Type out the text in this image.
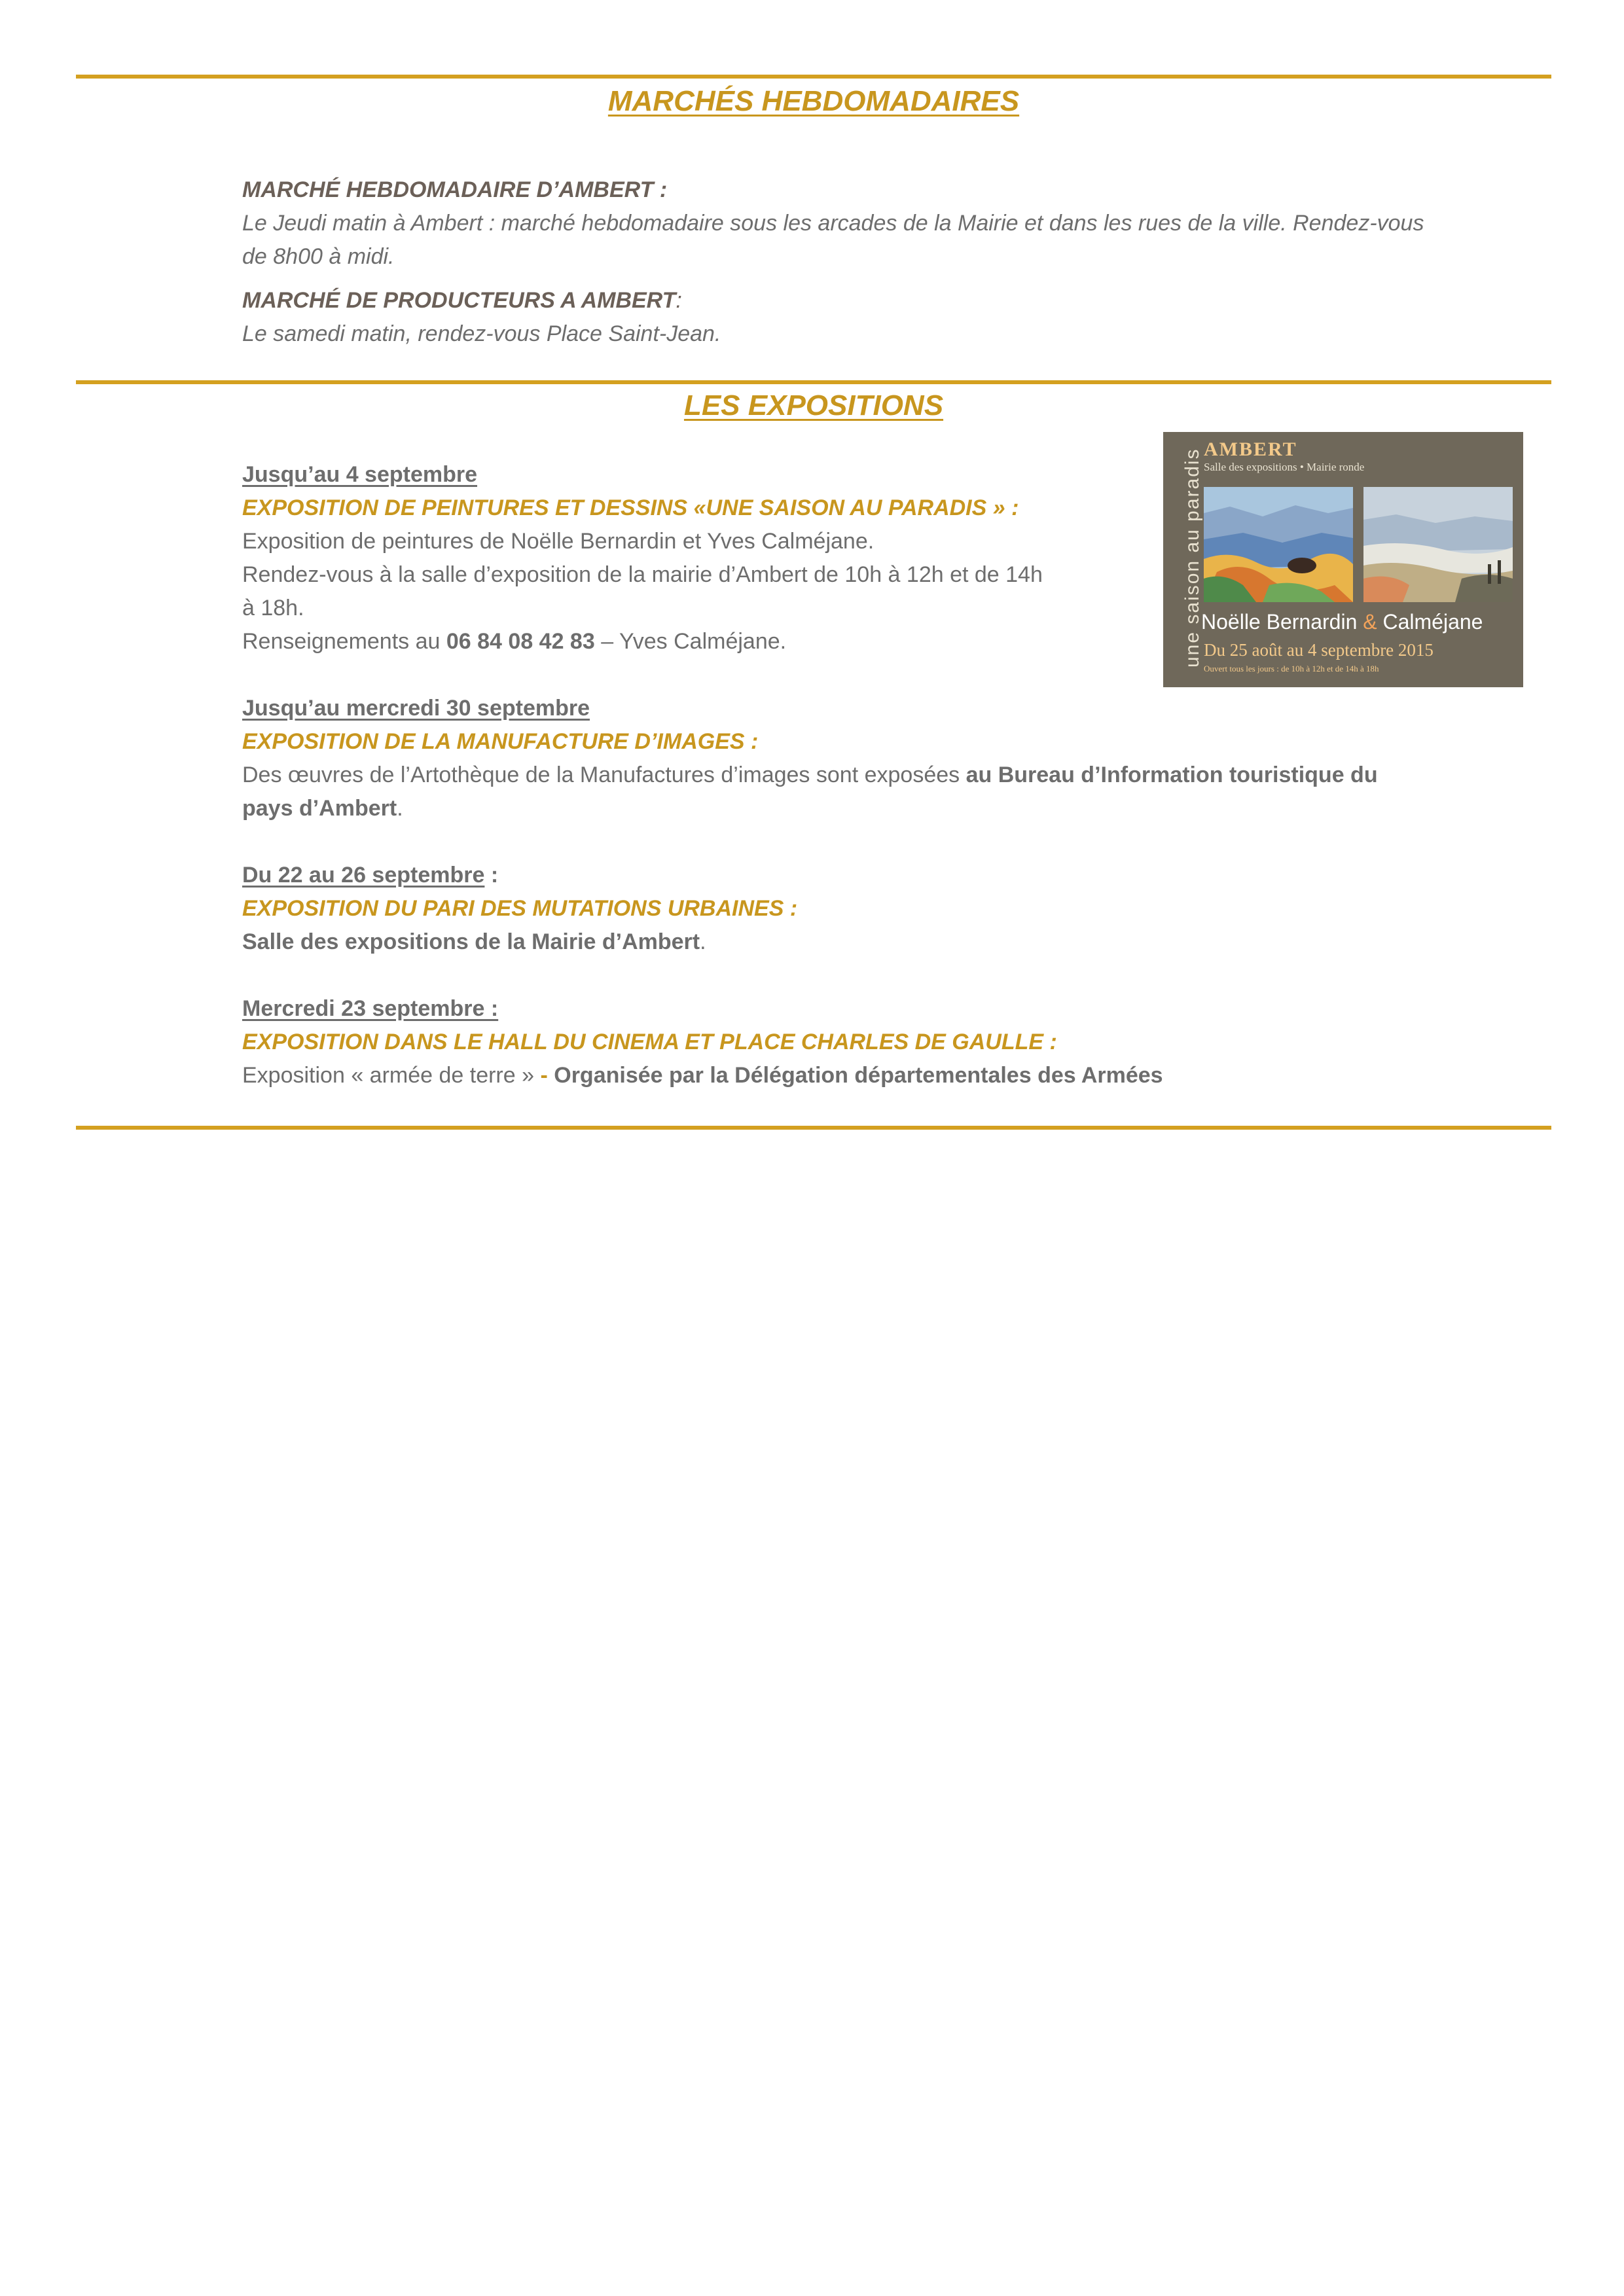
MARCHÉS HEBDOMADAIRES

MARCHÉ HEBDOMADAIRE D’AMBERT :

Le Jeudi matin à Ambert : marché hebdomadaire sous les arcades de la Mairie et dans les rues de la ville. Rendez-vous

de 8h00 à midi.

MARCHÉ DE PRODUCTEURS A AMBERT:

Le samedi matin, rendez-vous Place Saint-Jean.

LES EXPOSITIONS

Jusqu’au 4 septembre

EXPOSITION DE PEINTURES ET DESSINS «UNE SAISON AU PARADIS » :

Exposition de peintures de Noëlle Bernardin et Yves Calméjane.

Rendez-vous à la salle d’exposition de la mairie d’Ambert de 10h à 12h et de 14h

à 18h.

Renseignements au 06 84 08 42 83 – Yves Calméjane.

Jusqu’au mercredi 30 septembre

EXPOSITION DE LA MANUFACTURE D’IMAGES :

Des œuvres de l’Artothèque de la Manufactures d’images sont exposées au Bureau d’Information touristique du

pays d’Ambert.

Du 22 au 26 septembre :

EXPOSITION DU PARI DES MUTATIONS URBAINES :

Salle des expositions de la Mairie d’Ambert.

Mercredi 23 septembre :

EXPOSITION DANS LE HALL DU CINEMA ET PLACE CHARLES DE GAULLE :

Exposition « armée de terre » - Organisée par la Délégation départementales des Armées

une saison au paradis AMBERT
Salle des expositions • Mairie ronde
Noëlle Bernardin & Calméjane
Du 25 août au 4 septembre 2015
Ouvert tous les jours : de 10h à 12h et de 14h à 18h
